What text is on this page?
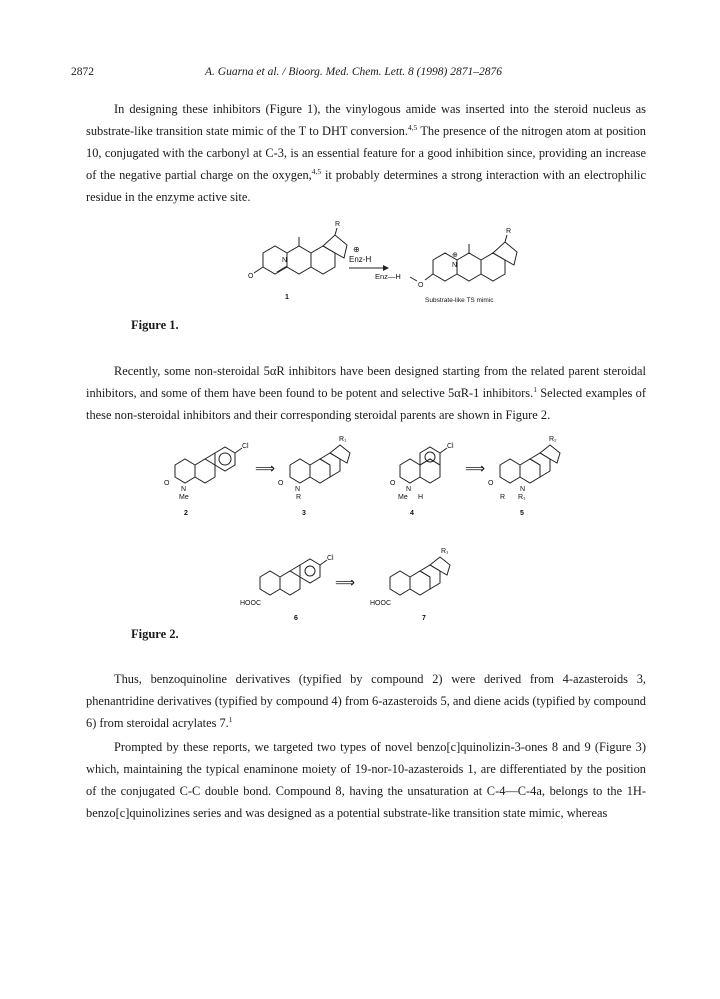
2872	A. Guarna et al. / Bioorg. Med. Chem. Lett. 8 (1998) 2871–2876

In designing these inhibitors (Figure 1), the vinylogous amide was inserted into the steroid nucleus as substrate-like transition state mimic of the T to DHT conversion.$^{4,5}$ The presence of the nitrogen atom at position 10, conjugated with the carbonyl at C-3, is an essential feature for a good inhibition since, providing an increase of the negative partial charge on the oxygen,$^{4,5}$ it probably determines a strong interaction with an electrophilic residue in the enzyme active site.

N
O
R
1
⊕
Enz-H
Enz—H
O
N
⊕
R
Substrate-like TS mimic
Figure 1.

Recently, some non-steroidal 5αR inhibitors have been designed starting from the related parent steroidal inhibitors, and some of them have been found to be potent and selective 5αR-1 inhibitors.$^1$ Selected examples of these non-steroidal inhibitors and their corresponding steroidal parents are shown in Figure 2.

Cl
O
N
Me
2
⟹
R₁
O
N
R
3
Cl
O
N
Me H
4
⟹
R₂
O
N
R R₁
5
Cl
HOOC
6
⟹
R₁
HOOC
7
Figure 2.

Thus, benzoquinoline derivatives (typified by compound 2) were derived from 4-azasteroids 3, phenantridine derivatives (typified by compound 4) from 6-azasteroids 5, and diene acids (typified by compound 6) from steroidal acrylates 7.$^1$

Prompted by these reports, we targeted two types of novel benzo[c]quinolizin-3-ones 8 and 9 (Figure 3) which, maintaining the typical enaminone moiety of 19-nor-10-azasteroids 1, are differentiated by the position of the conjugated C-C double bond. Compound 8, having the unsaturation at C-4—C-4a, belongs to the 1H-benzo[c]quinolizines series and was designed as a potential substrate-like transition state mimic, whereas
